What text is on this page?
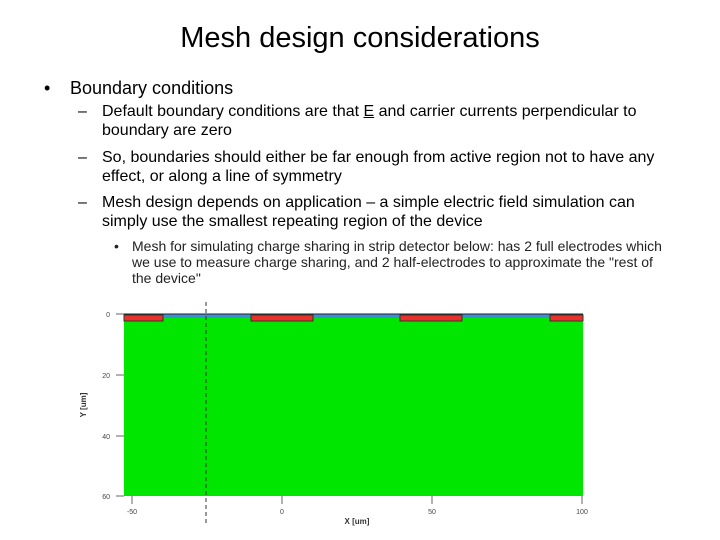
Mesh design considerations
• Boundary conditions
– Default boundary conditions are that E and carrier currents perpendicular to boundary are zero
– So, boundaries should either be far enough from active region not to have any effect, or along a line of symmetry
– Mesh design depends on application – a simple electric field simulation can simply use the smallest repeating region of the device
• Mesh for simulating charge sharing in strip detector below: has 2 full electrodes which we use to measure charge sharing, and 2 half-electrodes to approximate the "rest of the device"
0
20
40
60
Y [um]
-50	0	50	100
X [um]
